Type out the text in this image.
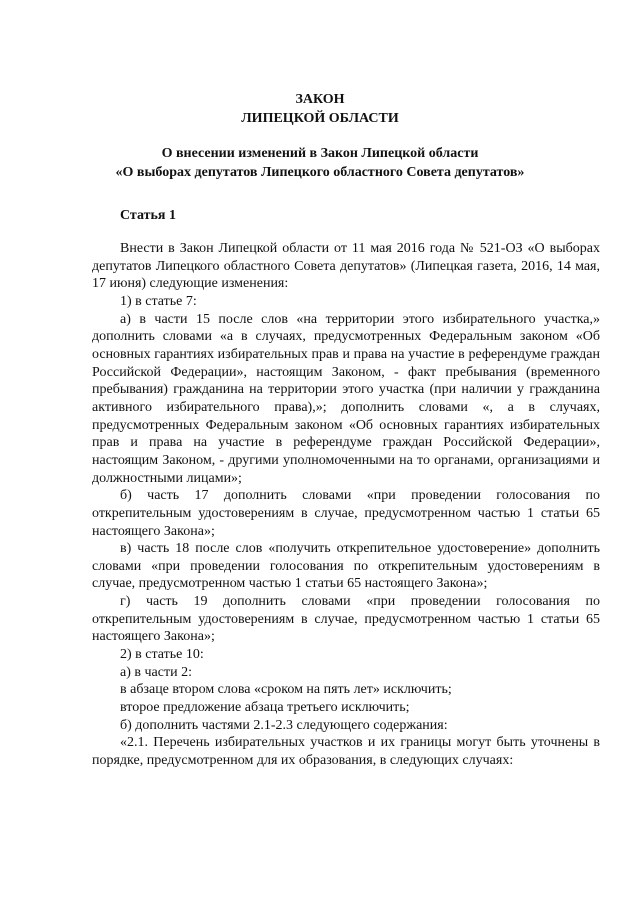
ЗАКОН
ЛИПЕЦКОЙ ОБЛАСТИ
О внесении изменений в Закон Липецкой области
«О выборах депутатов Липецкого областного Совета депутатов»
Статья 1

Внести в Закон Липецкой области от 11 мая 2016 года № 521-ОЗ «О выборах депутатов Липецкого областного Совета депутатов» (Липецкая газета, 2016, 14 мая, 17 июня) следующие изменения:

1) в статье 7:

а) в части 15 после слов «на территории этого избирательного участка,» дополнить словами «а в случаях, предусмотренных Федеральным законом «Об основных гарантиях избирательных прав и права на участие в референдуме граждан Российской Федерации», настоящим Законом, - факт пребывания (временного пребывания) гражданина на территории этого участка (при наличии у гражданина активного избирательного права),»; дополнить словами «, а в случаях, предусмотренных Федеральным законом «Об основных гарантиях избирательных прав и права на участие в референдуме граждан Российской Федерации», настоящим Законом, - другими уполномоченными на то органами, организациями и должностными лицами»;

б) часть 17 дополнить словами «при проведении голосования по открепительным удостоверениям в случае, предусмотренном частью 1 статьи 65 настоящего Закона»;

в) часть 18 после слов «получить открепительное удостоверение» дополнить словами «при проведении голосования по открепительным удостоверениям в случае, предусмотренном частью 1 статьи 65 настоящего Закона»;

г) часть 19 дополнить словами «при проведении голосования по открепительным удостоверениям в случае, предусмотренном частью 1 статьи 65 настоящего Закона»;

2) в статье 10:

а) в части 2:

в абзаце втором слова «сроком на пять лет» исключить;

второе предложение абзаца третьего исключить;

б) дополнить частями 2.1-2.3 следующего содержания:

«2.1. Перечень избирательных участков и их границы могут быть уточнены в порядке, предусмотренном для их образования, в следующих случаях:
